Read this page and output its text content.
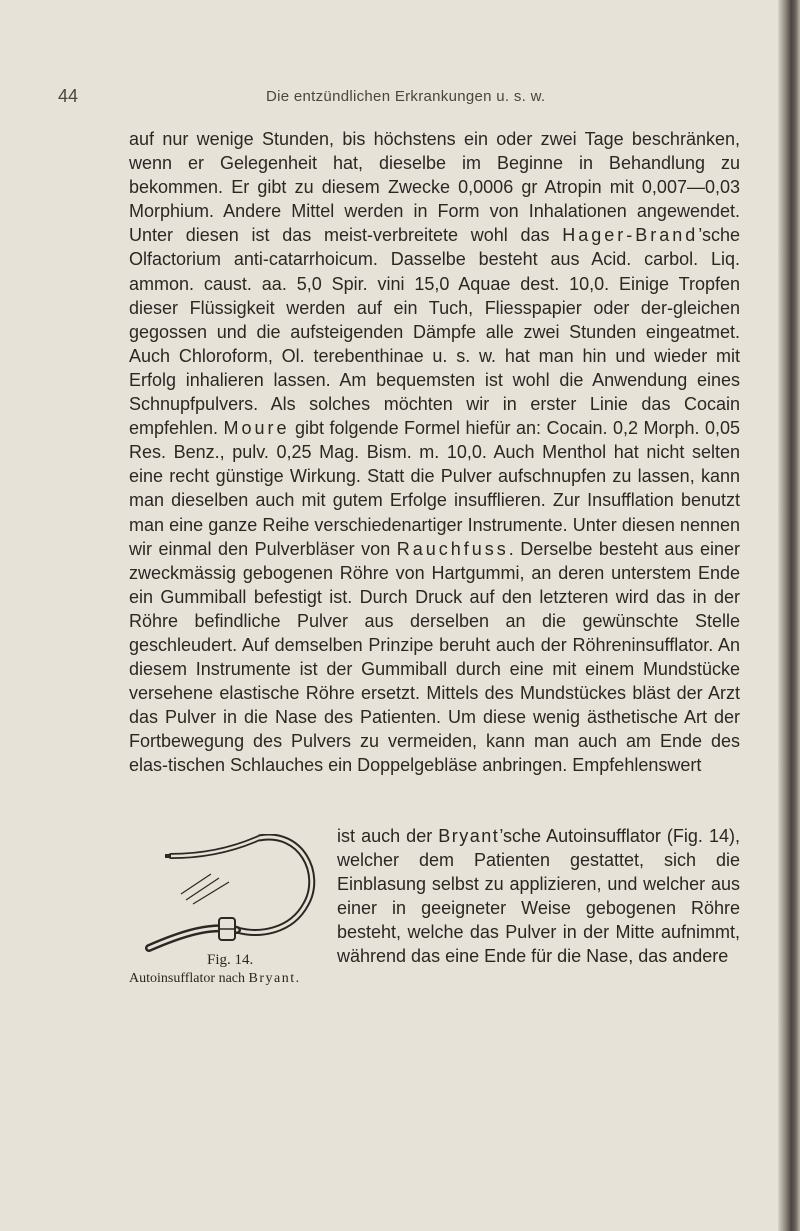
44	Die entzündlichen Erkrankungen u. s. w.

auf nur wenige Stunden, bis höchstens ein oder zwei Tage beschränken, wenn er Gelegenheit hat, dieselbe im Beginne in Behandlung zu bekommen. Er gibt zu diesem Zwecke 0,0006 gr Atropin mit 0,007—0,03 Morphium. Andere Mittel werden in Form von Inhalationen angewendet. Unter diesen ist das meist-verbreitete wohl das Hager-Brand’sche Olfactorium anti-catarrhoicum. Dasselbe besteht aus Acid. carbol. Liq. ammon. caust. aa. 5,0 Spir. vini 15,0 Aquae dest. 10,0. Einige Tropfen dieser Flüssigkeit werden auf ein Tuch, Fliesspapier oder der-gleichen gegossen und die aufsteigenden Dämpfe alle zwei Stunden eingeatmet. Auch Chloroform, Ol. terebenthinae u. s. w. hat man hin und wieder mit Erfolg inhalieren lassen. Am bequemsten ist wohl die Anwendung eines Schnupfpulvers. Als solches möchten wir in erster Linie das Cocain empfehlen. Moure gibt folgende Formel hiefür an: Cocain. 0,2 Morph. 0,05 Res. Benz., pulv. 0,25 Mag. Bism. m. 10,0. Auch Menthol hat nicht selten eine recht günstige Wirkung. Statt die Pulver aufschnupfen zu lassen, kann man dieselben auch mit gutem Erfolge insufflieren. Zur Insufflation benutzt man eine ganze Reihe verschiedenartiger Instrumente. Unter diesen nennen wir einmal den Pulverbläser von Rauchfuss. Derselbe besteht aus einer zweckmässig gebogenen Röhre von Hartgummi, an deren unterstem Ende ein Gummiball befestigt ist. Durch Druck auf den letzteren wird das in der Röhre befindliche Pulver aus derselben an die gewünschte Stelle geschleudert. Auf demselben Prinzipe beruht auch der Röhreninsufflator. An diesem Instrumente ist der Gummiball durch eine mit einem Mundstücke versehene elastische Röhre ersetzt. Mittels des Mundstückes bläst der Arzt das Pulver in die Nase des Patienten. Um diese wenig ästhetische Art der Fortbewegung des Pulvers zu vermeiden, kann man auch am Ende des elas-tischen Schlauches ein Doppelgebläse anbringen. Empfehlenswert

Fig. 14.
Autoinsufflator nach Bryant.
ist auch der Bryant’sche Autoinsufflator (Fig. 14), welcher dem Patienten gestattet, sich die Einblasung selbst zu applizieren, und welcher aus einer in geeigneter Weise gebogenen Röhre besteht, welche das Pulver in der Mitte aufnimmt, während das eine Ende für die Nase, das andere
